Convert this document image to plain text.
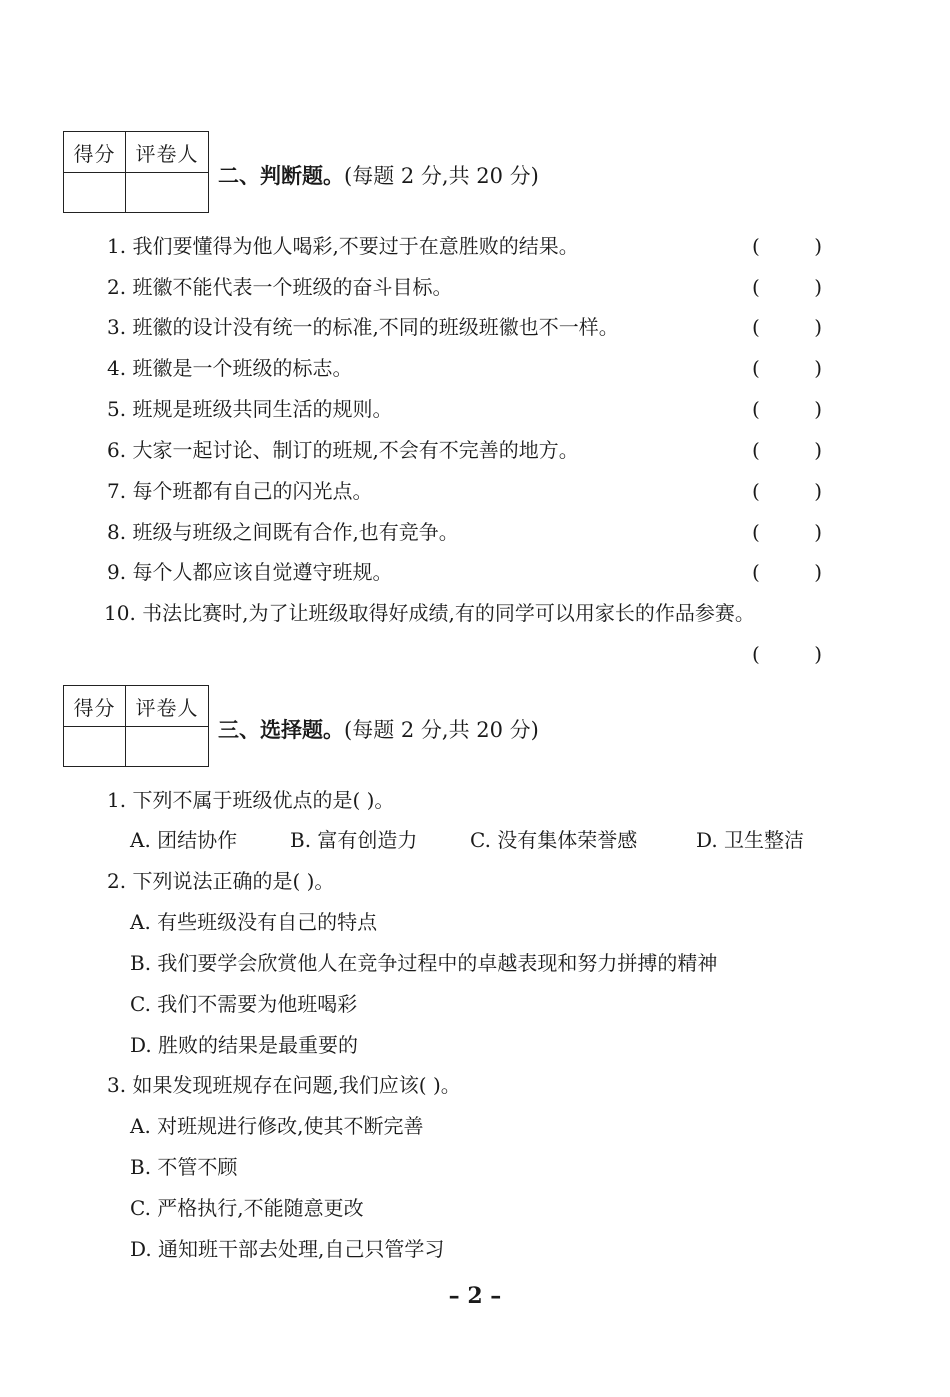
得分	评卷人
二、判断题。(每题 2 分,共 20 分)
1. 我们要懂得为他人喝彩,不要过于在意胜败的结果。
2. 班徽不能代表一个班级的奋斗目标。
3. 班徽的设计没有统一的标准,不同的班级班徽也不一样。
4. 班徽是一个班级的标志。
5. 班规是班级共同生活的规则。
6. 大家一起讨论、制订的班规,不会有不完善的地方。
7. 每个班都有自己的闪光点。
8. 班级与班级之间既有合作,也有竞争。
9. 每个人都应该自觉遵守班规。
10. 书法比赛时,为了让班级取得好成绩,有的同学可以用家长的作品参赛。
(	)
(	)
(	)
(	)
(	)
(	)
(	)
(	)
(	)
(	)
得分	评卷人
三、选择题。(每题 2 分,共 20 分)
1. 下列不属于班级优点的是( )。
A. 团结协作	B. 富有创造力	C. 没有集体荣誉感	D. 卫生整洁
2. 下列说法正确的是( )。
A. 有些班级没有自己的特点
B. 我们要学会欣赏他人在竞争过程中的卓越表现和努力拼搏的精神
C. 我们不需要为他班喝彩
D. 胜败的结果是最重要的
3. 如果发现班规存在问题,我们应该( )。
A. 对班规进行修改,使其不断完善
B. 不管不顾
C. 严格执行,不能随意更改
D. 通知班干部去处理,自己只管学习
– 2 –
